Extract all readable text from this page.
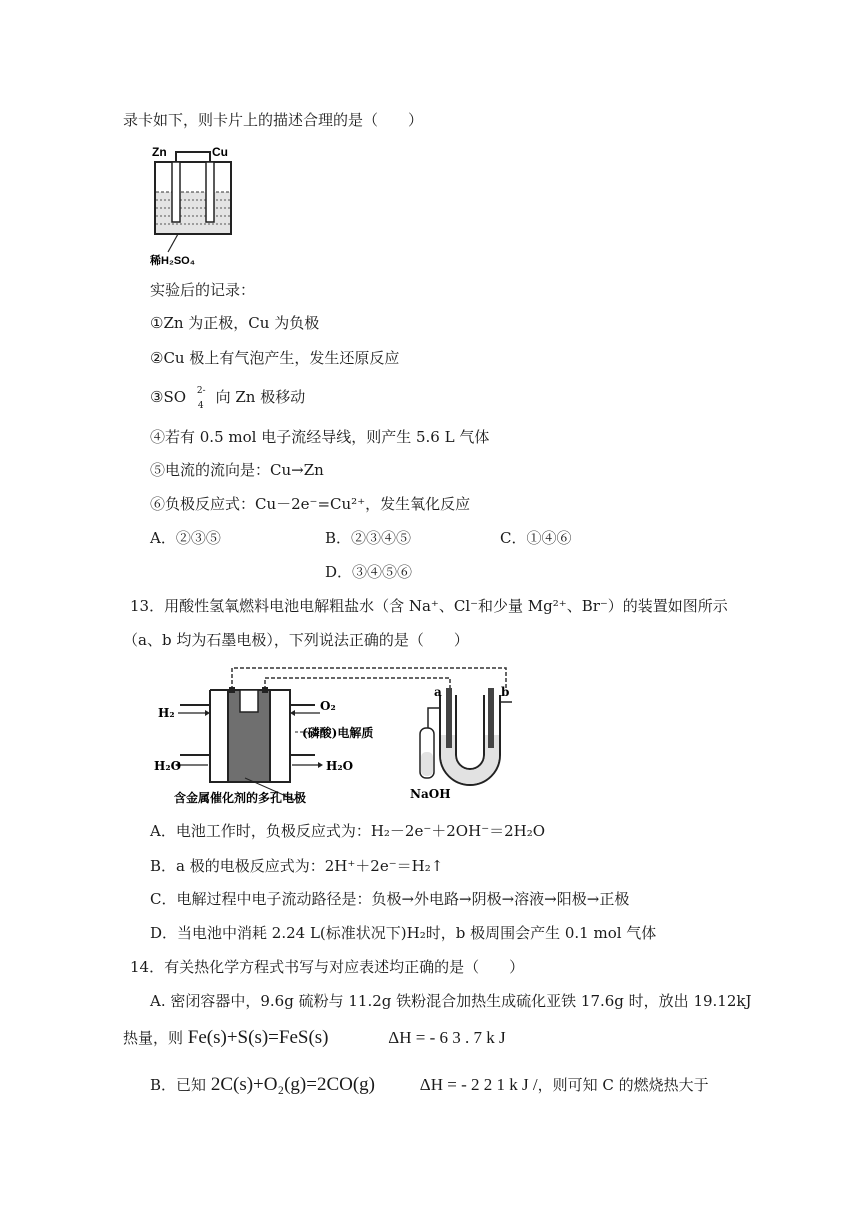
录卡如下，则卡片上的描述合理的是（　　）
Zn	Cu
稀H₂SO₄
实验后的记录：
①Zn 为正极，Cu 为负极
②Cu 极上有气泡产生，发生还原反应
③SO 2-
4 向 Zn 极移动
④若有 0.5 mol 电子流经导线，则产生 5.6 L 气体
⑤电流的流向是：Cu→Zn
⑥负极反应式：Cu－2e⁻=Cu²⁺，发生氧化反应
A．②③⑤	B．②③④⑤	C．①④⑥
D．③④⑤⑥
13．用酸性氢氧燃料电池电解粗盐水（含 Na⁺、Cl⁻和少量 Mg²⁺、Br⁻）的装置如图所示
（a、b 均为石墨电极），下列说法正确的是（　　）
H₂	O₂
H₂O	H₂O
(磷酸)电解质
含金属催化剂的多孔电极
a	b
NaOH
A．电池工作时，负极反应式为：H₂－2e⁻＋2OH⁻＝2H₂O
B．a 极的电极反应式为：2H⁺＋2e⁻＝H₂↑
C．电解过程中电子流动路径是：负极→外电路→阴极→溶液→阳极→正极
D．当电池中消耗 2.24 L(标准状况下)H₂时，b 极周围会产生 0.1 mol 气体
14．有关热化学方程式书写与对应表述均正确的是（　　）
A. 密闭容器中，9.6g 硫粉与 11.2g 铁粉混合加热生成硫化亚铁 17.6g 时，放出 19.12kJ
热量，则 Fe(s)+S(s)=FeS(s)	ΔH = - 6 3 . 7 k J
B．已知 2C(s)+O₂(g)=2CO(g)	ΔH = - 2 2 1 k J /，则可知 C 的燃烧热大于
